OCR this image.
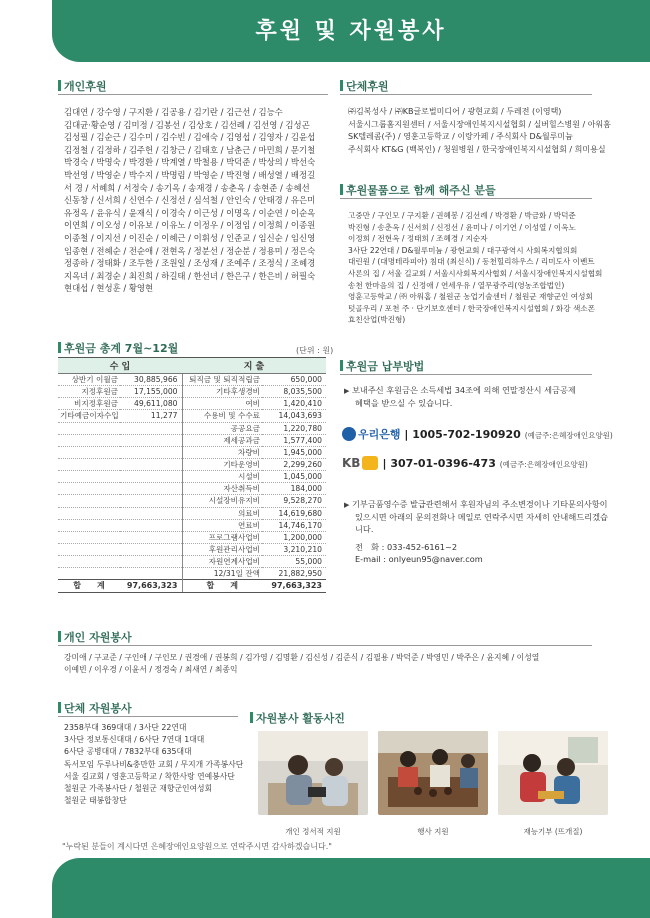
후원 및 자원봉사
개인후원
김대연 / 강수영 / 구지환 / 김공용 / 김기란 / 김근선 / 김능수
김대균·황순영 / 김미정 / 김봉선 / 김상호 / 김선례 / 김선영 / 김성곤
김성필 / 김순근 / 김수미 / 김수빈 / 김애숙 / 김영섭 / 김영자 / 김윤섭
김정철 / 김정하 / 김주헌 / 김창근 / 김태호 / 남춘근 / 마민희 / 문기철
박경숙 / 박명숙 / 박경환 / 박계열 / 박철용 / 박덕준 / 박상의 / 박선숙
박선영 / 박영순 / 박수지 / 박명림 / 박영순 / 박진형 / 배성열 / 배정길
서 경 / 서혜희 / 서정숙 / 송기옥 / 송재경 / 송춘옥 / 송현준 / 송혜선
신동창 / 신서희 / 신연수 / 신정선 / 심석철 / 안인숙 / 안태경 / 유은미
유정옥 / 윤유식 / 윤재식 / 이경숙 / 이근성 / 이명옥 / 이순연 / 이순옥
이연희 / 이오성 / 이유보 / 이유노 / 이정우 / 이정임 / 이정희 / 이종원
이종철 / 이지선 / 이진순 / 이혜근 / 이휘성 / 인준교 / 임신순 / 임신영
임종현 / 전혜순 / 전순애 / 전현옥 / 정분선 / 정순분 / 정용미 / 정은숙
정종하 / 정태화 / 조두한 / 조원일 / 조성재 / 조예주 / 조정식 / 조혜경
지옥녀 / 최경순 / 최진희 / 하길태 / 한선녀 / 한은구 / 한은비 / 허필숙
현대섭 / 현성훈 / 황영현
단체후원
㈜김복성사 / ㈜KB글로벌미디어 / 광현교회 / 두레전 (이영택)
서울시그룹홈지원센터 / 서울시장애인복지시설협회 / 실버힐스병원 / 아워홈
SK텔레콤(주) / 영훈고등학교 / 이랑카페 / 주식회사 D&월루미늄
주식회사 KT&G (백복인) / 청원병원 / 한국장애인복지시설협회 / 희미용실
후원물품으로 함께 해주신 분들
고중만 / 구인모 / 구지환 / 권혜봉 / 김선례 / 박경환 / 박금화 / 박덕준
박진형 / 송춘옥 / 신서희 / 신정선 / 윤미나 / 이기연 / 이성열 / 이옥노
이정희 / 전현옥 / 정태희 / 조혜경 / 지순자
3사단 22연대 / D&월루미늄 / 광현교회 / 대구광역시 사회복지협의회
대린원 / (대명테라피아) 침대 (최신식) / 동천힐리하우스 / 리미도사 이벤트
사론의 집 / 서울 길교회 / 서울시사회복지사협회 / 서울시장애인복지시설협회
송천 한마음의 집 / 신정애 / 연세우유 / 열무광주리(영농조합법인)
영훈고등학교 / ㈜ 아워홈 / 철원군 농업기술센터 / 철원군 재향군인 여성회
텃골우리 / 포천 주 · 단기보호센터 / 한국장애인복지시설협회 / 화강 색소폰
효친산업(박진형)
후원금 총계 7월~12월	(단위 : 원)
수 입		지 출	
상반기 이월금	30,885,966	퇴직금 및 퇴직적립금	650,000
지정후원금	17,155,000	기타후생경비	8,035,500
비지정후원금	49,611,080	여비	1,420,410
기타예금이자수입	11,277	수용비 및 수수료	14,043,693
		공공요금	1,220,780
		제세공과금	1,577,400
		차량비	1,945,000
		기타운영비	2,299,260
		시설비	1,045,000
		자산취득비	184,000
		시설장비유지비	9,528,270
		의료비	14,619,680
		연료비	14,746,170
		프로그램사업비	1,200,000
		후원관리사업비	3,210,210
		자원연계사업비	55,000
		12/31일 잔액	21,882,950
합　　계	97,663,323	합　　계	97,663,323
후원금 납부방법
▶ 보내주신 후원금은 소득세법 34조에 의해 연말정산시 세금공제
혜택을 받으실 수 있습니다.
우리은행 | 1005-702-190920 (예금주:은혜장애인요양원)
KB | 307-01-0396-473 (예금주:은혜장애인요양원)
▶ 기부금품영수증 발급관련해서 후원자님의 주소변경이나 기타문의사항이
있으시면 아래의 문의전화나 메일로 연락주시면 자세히 안내해드리겠습
니다.
전　화 : 033-452-6161~2
E-mail : onlyeun95@naver.com
개인 자원봉사
강미애 / 구교준 / 구인애 / 구인모 / 권경애 / 권봉희 / 김가영 / 김명환 / 김신성 / 김준식 / 김필용 / 박덕준 / 박영민 / 박주은 / 윤지혜 / 이성열
이예빈 / 이우경 / 이윤서 / 정경숙 / 최새연 / 최종익
단체 자원봉사
2358부대 369대대 / 3사단 22연대
3사단 정보통신대대 / 6사단 7연대 1대대
6사단 공병대대 / 7832부대 635대대
독서모임 두루나비&충만한 교회 / 무지개 가족봉사단
서울 길교회 / 영훈고등학교 / 착한사랑 연예봉사단
철원군 가족봉사단 / 철원군 재향군인여성회
철원군 태봉합창단
자원봉사 활동사진
개인 정서적 지원	행사 지원	재능기부 (뜨개질)
"누락된 분들이 계시다면 은혜장애인요양원으로 연락주시면 감사하겠습니다."
